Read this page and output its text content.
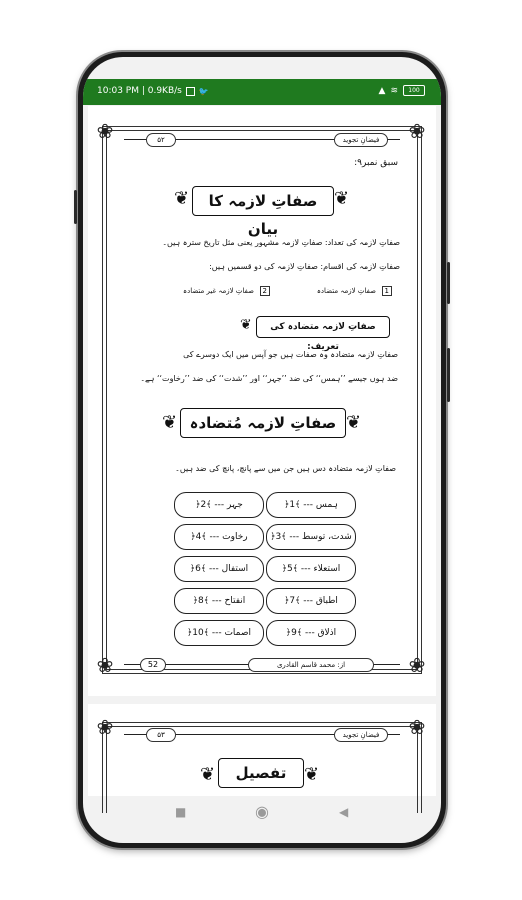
10:03 PM | 0.9KB/s 🐦	▲ ≋	100
❀	❀
❀	❀
۵۲	فیضانِ تجوید
سبق نمبر۹:
❦	صفاتِ لازمہ کا بیان
❦
صفاتِ لازمہ کی تعداد: صفاتِ لازمہ مشہور یعنی مثل تاریخ سترہ ہیں۔
صفاتِ لازمہ کی اقسام: صفاتِ لازمہ کی دو قسمیں ہیں:
1
صفاتِ لازمہ متضادہ
2
صفاتِ لازمہ غیر متضادہ
❦	صفاتِ لازمہ متضادہ کی تعریف:
صفاتِ لازمہ متضادہ وہ صفات ہیں جو آپس میں ایک دوسرے کی
ضد ہوں جیسے ’’ہمس‘‘ کی ضد ’’جہر‘‘ اور ’’شدت‘‘ کی ضد ’’رخاوت‘‘ ہے۔
❦ صفاتِ لازمہ مُتضادہ ❦
صفاتِ لازمہ متضادہ دس ہیں جن میں سے پانچ، پانچ کی ضد ہیں۔
ہمس --- ﴾1﴿
جہر --- ﴾2﴿
شدت، توسط --- ﴾3﴿
رخاوت --- ﴾4﴿
استعلاء --- ﴾5﴿
استفال --- ﴾6﴿
اطباق --- ﴾7﴿
انفتاح --- ﴾8﴿
اذلاق --- ﴾9﴿
اصمات --- ﴾10﴿
52	از: محمد قاسم القادری
❀	❀
۵۳	فیضانِ تجوید
❦	تفصیل ❦
■	◉	◀
